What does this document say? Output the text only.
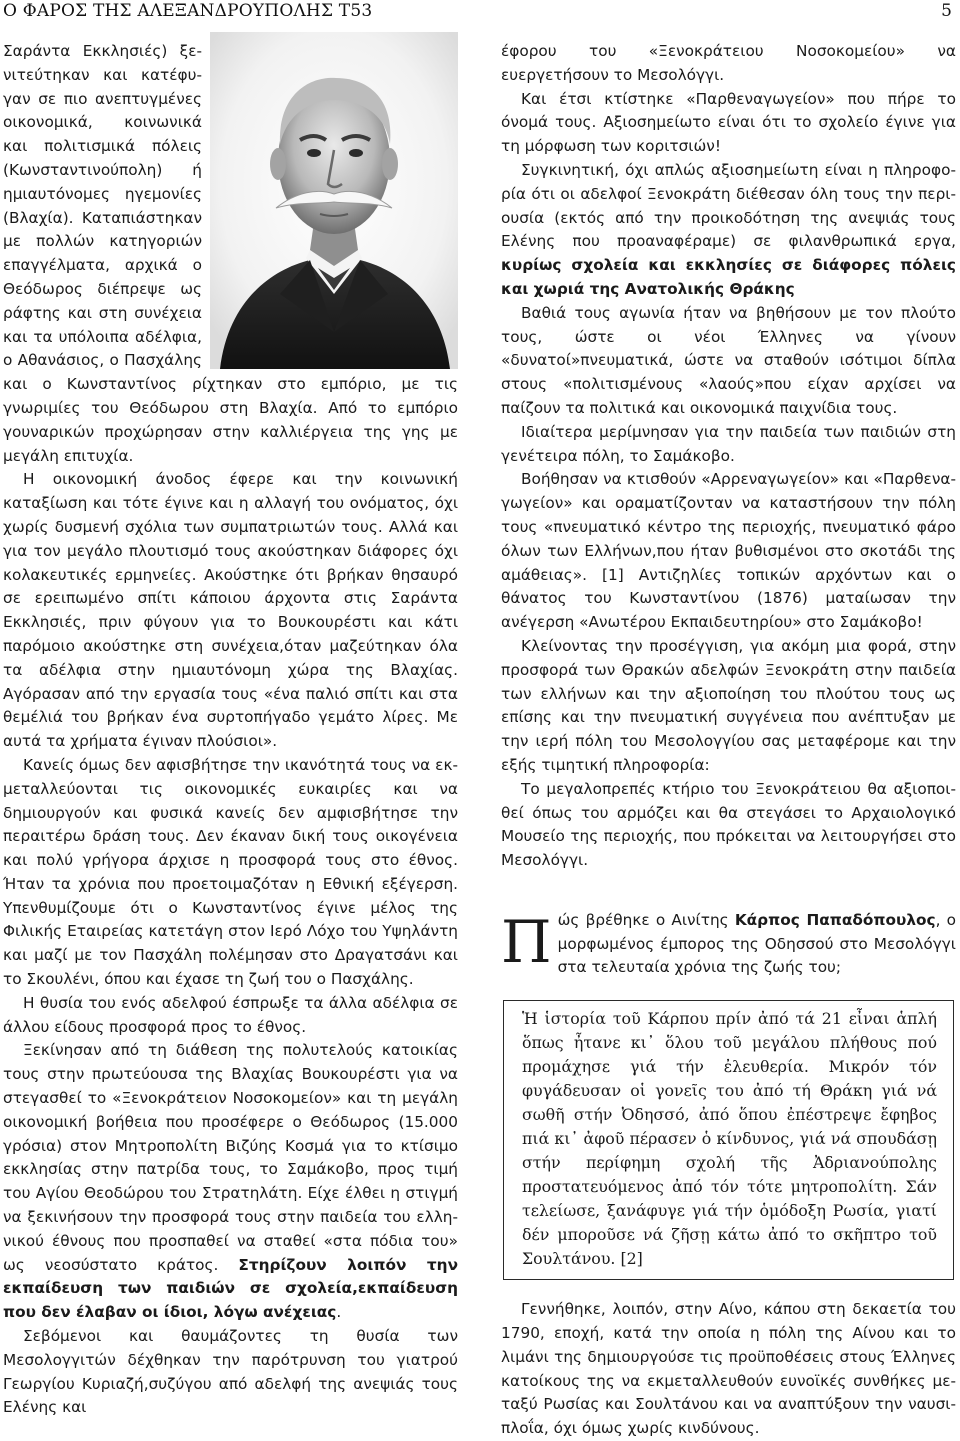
Ο ΦΑΡΟΣ ΤΗΣ ΑΛΕΞΑΝΔΡΟΥΠΟΛΗΣ Τ53	5

Σαράντα Εκκλησιές) ξενιτεύτηκαν και κατέφυγαν σε πιο ανεπτυγμένες οικονομικά, κοινωνικά και πολιτισμικά πόλεις (Κωνσταντινούπολη) ή ημιαυτόνομες ηγεμονίες (Βλαχία). Καταπιάστηκαν με πολλών κατηγοριών επαγγέλματα, αρχικά ο Θεόδωρος διέπρεψε ως ράφτης και στη συνέχεια και τα υπόλοιπα αδέλφια, ο Αθανάσιος, ο Πασχάλης και ο Κωνσταντίνος ρίχτηκαν στο εμπόριο, με τις γνωριμίες του Θεόδωρου στη Βλαχία. Από το εμπόριο γουναρικών προχώρησαν στην καλλιέργεια της γης με μεγάλη επιτυχία.

Η οικονομική άνοδος έφερε και την κοινωνική καταξίωση και τότε έγινε και η αλλαγή του ονόματος, όχι χωρίς δυσμενή σχόλια των συμπατριωτών τους. Αλλά και για τον μεγάλο πλουτισμό τους ακούστηκαν διάφορες όχι κολακευτικές ερμηνείες. Ακούστηκε ότι βρήκαν θησαυρό σε ερειπωμένο σπίτι κάποιου άρχοντα στις Σαράντα Εκκλησιές, πριν φύγουν για το Βουκουρέστι και κάτι παρόμοιο ακούστηκε στη συνέχεια,όταν μαζεύτηκαν όλα τα αδέλφια στην ημιαυτόνομη χώρα της Βλαχίας. Αγόρασαν από την εργασία τους «ένα παλιό σπίτι και στα θεμέλιά του βρήκαν ένα συρτοπήγαδο γεμάτο λίρες. Με αυτά τα χρήματα έγιναν πλούσιοι».

Κανείς όμως δεν αφισβήτησε την ικανότητά τους να εκμεταλλεύονται τις οικονομικές ευκαιρίες και να δημιουργούν και φυσικά κανείς δεν αμφισβήτησε την περαιτέρω δράση τους. Δεν έκαναν δική τους οικογένεια και πολύ γρήγορα άρχισε η προσφορά τους στο έθνος. Ήταν τα χρόνια που προετοιμαζόταν η Εθνική εξέγερση. Υπενθυμίζουμε ότι ο Κωνσταντίνος έγινε μέλος της Φιλικής Εταιρείας κατετάγη στον Ιερό Λόχο του Υψηλάντη και μαζί με τον Πασχάλη πολέμησαν στο Δραγατσάνι και το Σκουλένι, όπου και έχασε τη ζωή του ο Πασχάλης.

Η θυσία του ενός αδελφού έσπρωξε τα άλλα αδέλφια σε άλλου είδους προσφορά προς το έθνος.

Ξεκίνησαν από τη διάθεση της πολυτελούς κατοικίας τους στην πρωτεύουσα της Βλαχίας Βουκουρέστι για να στεγασθεί το «Ξενοκράτειον Νοσοκομείον» και τη μεγάλη οικονομική βοήθεια που προσέφερε ο Θεόδωρος (15.000 γρόσια) στον Μητροπολίτη Βιζύης Κοσμά για το κτίσιμο εκκλησίας στην πατρίδα τους, το Σαμάκοβο, προς τιμή του Αγίου Θεοδώρου του Στρατηλάτη. Είχε έλθει η στιγμή να ξεκινήσουν την προσφορά τους στην παιδεία του ελληνικού έθνους που προσπαθεί να σταθεί «στα πόδια του» ως νεοσύστατο κράτος. Στηρίζουν λοιπόν την εκπαίδευση των παιδιών σε σχολεία,εκπαίδευση που δεν έλαβαν οι ίδιοι, λόγω ανέχειας.

Σεβόμενοι και θαυμάζοντες τη θυσία των Μεσολογγιτών δέχθηκαν την παρότρυνση του γιατρού Γεωργίου Κυριαζή,συζύγου από αδελφή της ανεψιάς τους Ελένης και

έφορου του «Ξενοκράτειου Νοσοκομείου» να ευεργετήσουν το Μεσολόγγι.

Και έτσι κτίστηκε «Παρθεναγωγείον» που πήρε το όνομά τους. Αξιοσημείωτο είναι ότι το σχολείο έγινε για τη μόρφωση των κοριτσιών!

Συγκινητική, όχι απλώς αξιοσημείωτη είναι η πληροφορία ότι οι αδελφοί Ξενοκράτη διέθεσαν όλη τους την περιουσία (εκτός από την προικοδότηση της ανεψιάς τους Ελένης που προαναφέραμε) σε φιλανθρωπικά εργα, κυρίως σχολεία και εκκλησίες σε διάφορες πόλεις και χωριά της Ανατολικής Θράκης

Βαθιά τους αγωνία ήταν να βηθήσουν με τον πλούτο τους, ώστε οι νέοι Έλληνες να γίνουν «δυνατοί»πνευματικά, ώστε να σταθούν ισότιμοι δίπλα στους «πολιτισμένους «λαούς»που είχαν αρχίσει να παίζουν τα πολιτικά και οικονομικά παιχνίδια τους.

Ιδιαίτερα μερίμνησαν για την παιδεία των παιδιών στη γενέτειρα πόλη, το Σαμάκοβο.

Βοήθησαν να κτισθούν «Αρρεναγωγείον» και «Παρθεναγωγείον» και οραματίζονταν να καταστήσουν την πόλη τους «πνευματικό κέντρο της περιοχής, πνευματικό φάρο όλων των Ελλήνων,που ήταν βυθισμένοι στο σκοτάδι της αμάθειας». [1] Αντιζηλίες τοπικών αρχόντων και ο θάνατος του Κωνσταντίνου (1876) ματαίωσαν την ανέγερση «Ανωτέρου Εκπαιδευτηρίου» στο Σαμάκοβο!

Κλείνοντας την προσέγγιση, για ακόμη μια φορά, στην προσφορά των Θρακών αδελφών Ξενοκράτη στην παιδεία των ελλήνων και την αξιοποίηση του πλούτου τους ως επίσης και την πνευματική συγγένεια που ανέπτυξαν με την ιερή πόλη του Μεσολογγίου σας μεταφέρομε και την εξής τιμητική πληροφορία:

Το μεγαλοπρεπές κτήριο του Ξενοκράτειου θα αξιοποιθεί όπως του αρμόζει και θα στεγάσει το Αρχαιολογικό Μουσείο της περιοχής, που πρόκειται να λειτουργήσει στο Μεσολόγγι.

Πώς βρέθηκε ο Αινίτης Κάρπος Παπαδόπουλος, ο μορφωμένος έμπορος της Οδησσού στο Μεσολόγγι στα τελευταία χρόνια της ζωής του;

Ἡ ἱστορία τοῦ Κάρπου πρίν ἀπό τά 21 εἶναι ἁπλή ὅπως ἦτανε κι᾽ ὅλου τοῦ μεγάλου πλήθους πού προμάχησε γιά τήν ἐλευθερία. Μικρόν τόν φυγάδευσαν οἱ γονεῖς του ἀπό τή Θράκη γιά νά σωθῆ στήν Ὀδησσό, ἀπό ὅπου ἐπέστρεψε ἔφηβος πιά κι᾽ ἀφοῦ πέρασεν ὁ κίνδυνος, γιά νά σπουδάσῃ στήν περίφημη σχολή τῆς Ἀδριανούπολης προστατευόμενος ἀπό τόν τότε μητροπολίτη. Σάν τελείωσε, ξανάφυγε γιά τήν ὁμόδοξη Ρωσία, γιατί δέν μποροῦσε νά ζῆσῃ κάτω ἀπό το σκῆπτρο τοῦ Σουλτάνου. [2]

Γεννήθηκε, λοιπόν, στην Αίνο, κάπου στη δεκαετία του 1790, εποχή, κατά την οποία η πόλη της Αίνου και το λιμάνι της δημιουργούσε τις προϋποθέσεις στους Έλληνες κατοίκους της να εκμεταλλευθούν ευνοϊκές συνθήκες μεταξύ Ρωσίας και Σουλτάνου και να αναπτύξουν την ναυσιπλοΐα, όχι όμως χωρίς κινδύνους.
